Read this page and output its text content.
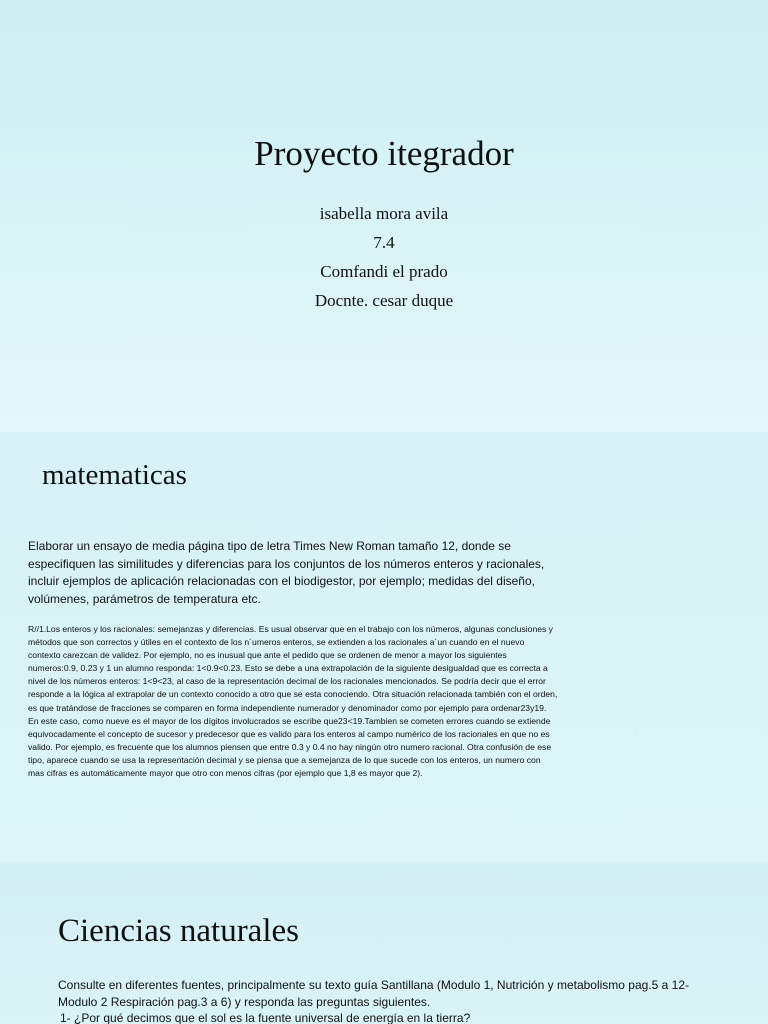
Proyecto itegrador
isabella mora avila
7.4
Comfandi el prado
Docnte. cesar duque
matematicas

Elaborar un ensayo de media página tipo de letra Times New Roman tamaño 12, donde se especifiquen las similitudes y diferencias para los conjuntos de los números enteros y racionales, incluir ejemplos de aplicación relacionadas con el biodigestor, por ejemplo; medidas del diseño, volúmenes, parámetros de temperatura etc.

R//1.Los enteros y los racionales: semejanzas y diferencias. Es usual observar que en el trabajo con los números, algunas conclusiones y métodos que son correctos y útiles en el contexto de los n´umeros enteros, se extienden a los racionales a´un cuando en el nuevo contexto carezcan de validez. Por ejemplo, no es inusual que ante el pedido que se ordenen de menor a mayor los siguientes numeros:0.9, 0.23 y 1 un alumno responda: 1<0.9<0.23. Esto se debe a una extrapolación de la siguiente desigualdad que es correcta a nivel de los números enteros: 1<9<23, al caso de la representación decimal de los racionales mencionados. Se podría decir que el error responde a la lógica al extrapolar de un contexto conocido a otro que se esta conociendo. Otra situación relacionada también con el orden, es que tratándose de fracciones se comparen en forma independiente numerador y denominador como por ejemplo para ordenar23y19. En este caso, como nueve es el mayor de los dígitos involucrados se escribe que23<19.Tambien se cometen errores cuando se extiende equivocadamente el concepto de sucesor y predecesor que es valido para los enteros al campo numérico de los racionales en que no es valido. Por ejemplo, es frecuente que los alumnos piensen que entre 0.3 y 0.4 no hay ningún otro numero racional. Otra confusión de ese tipo, aparece cuando se usa la representación decimal y se piensa que a semejanza de lo que sucede con los enteros, un numero con mas cifras es automáticamente mayor que otro con menos cifras (por ejemplo que 1,8 es mayor que 2).

Ciencias naturales

Consulte en diferentes fuentes, principalmente su texto guía Santillana (Modulo 1, Nutrición y metabolismo pag.5 a 12-Modulo 2 Respiración pag.3 a 6) y responda las preguntas siguientes.

1- ¿Por qué decimos que el sol es la fuente universal de energía en la tierra?
